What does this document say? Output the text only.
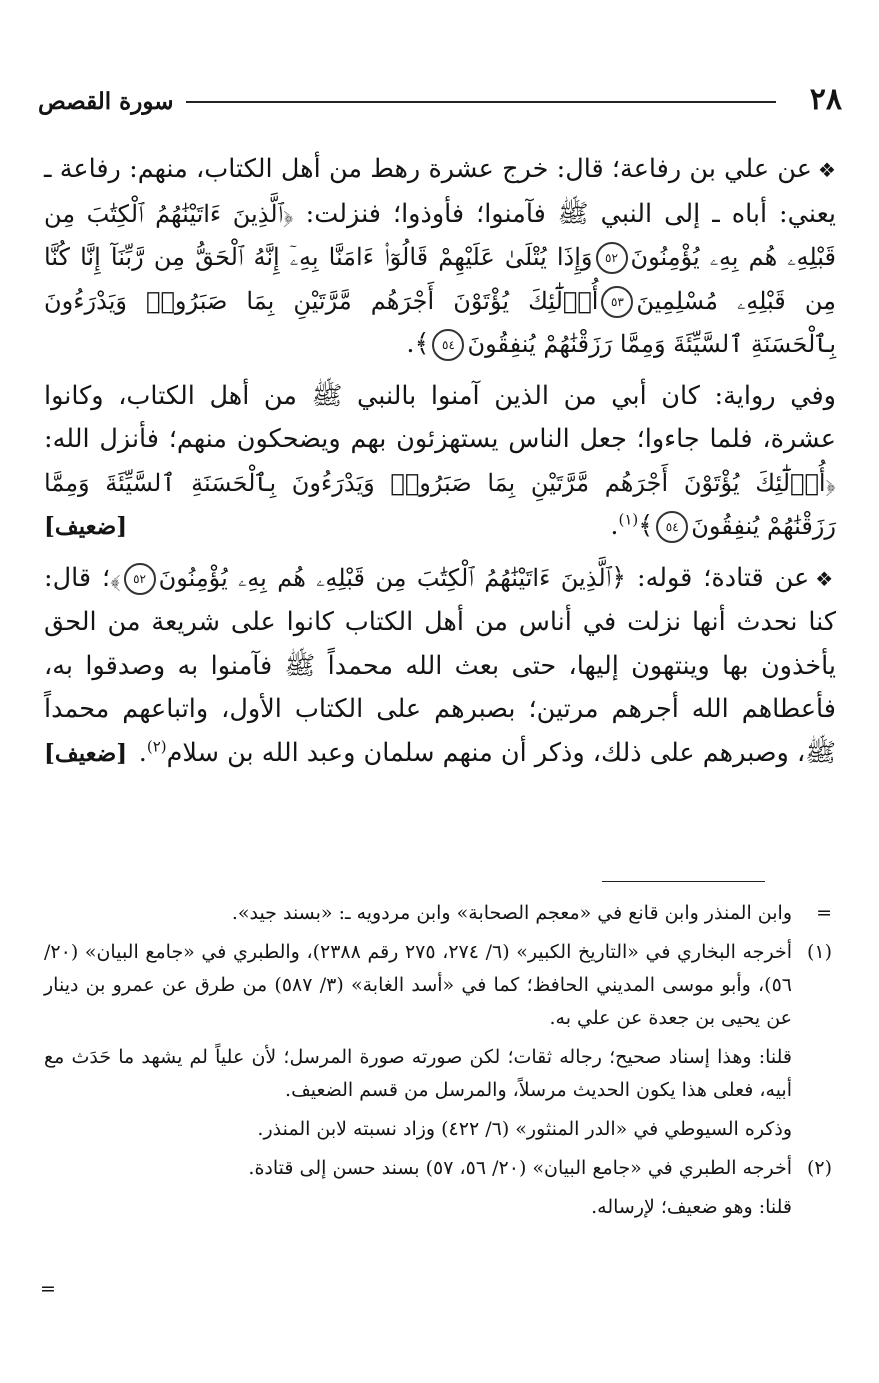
٢٨
سورة القصص

❖عن علي بن رفاعة؛ قال: خرج عشرة رهط من أهل الكتاب، منهم: رفاعة ـ يعني: أباه ـ إلى النبي ﷺ فآمنوا؛ فأوذوا؛ فنزلت: ﴿ٱلَّذِينَ ءَاتَيْنَٰهُمُ ٱلْكِتَٰبَ مِن قَبْلِهِۦ هُم بِهِۦ يُؤْمِنُونَ٥٢وَإِذَا يُتْلَىٰ عَلَيْهِمْ قَالُوٓا۟ ءَامَنَّا بِهِۦٓ إِنَّهُ ٱلْحَقُّ مِن رَّبِّنَآ إِنَّا كُنَّا مِن قَبْلِهِۦ مُسْلِمِينَ٥٣أُو۟لَٰٓئِكَ يُؤْتَوْنَ أَجْرَهُم مَّرَّتَيْنِ بِمَا صَبَرُوا۟ وَيَدْرَءُونَ بِٱلْحَسَنَةِ ٱلسَّيِّئَةَ وَمِمَّا رَزَقْنَٰهُمْ يُنفِقُونَ٥٤﴾.

وفي رواية: كان أبي من الذين آمنوا بالنبي ﷺ من أهل الكتاب، وكانوا عشرة، فلما جاءوا؛ جعل الناس يستهزئون بهم ويضحكون منهم؛ فأنزل الله: ﴿أُو۟لَٰٓئِكَ يُؤْتَوْنَ أَجْرَهُم مَّرَّتَيْنِ بِمَا صَبَرُوا۟ وَيَدْرَءُونَ بِٱلْحَسَنَةِ ٱلسَّيِّئَةَ وَمِمَّا رَزَقْنَٰهُمْ يُنفِقُونَ٥٤﴾$^{(١)}$.
[ضعيف]

❖عن قتادة؛ قوله: ﴿ٱلَّذِينَ ءَاتَيْنَٰهُمُ ٱلْكِتَٰبَ مِن قَبْلِهِۦ هُم بِهِۦ يُؤْمِنُونَ٥٢﴾؛ قال: كنا نحدث أنها نزلت في أناس من أهل الكتاب كانوا على شريعة من الحق يأخذون بها وينتهون إليها، حتى بعث الله محمداً ﷺ فآمنوا به وصدقوا به، فأعطاهم الله أجرهم مرتين؛ بصبرهم على الكتاب الأول، واتباعهم محمداً ﷺ، وصبرهم على ذلك، وذكر أن منهم سلمان وعبد الله بن سلام$^{(٢)}$.
[ضعيف]

=
وابن المنذر وابن قانع في «معجم الصحابة» وابن مردويه ـ: «بسند جيد».

(١)
أخرجه البخاري في «التاريخ الكبير» (٦/ ٢٧٤، ٢٧٥ رقم ٢٣٨٨)، والطبري في «جامع البيان» (٢٠/ ٥٦)، وأبو موسى المديني الحافظ؛ كما في «أسد الغابة» (٣/ ٥٨٧) من طرق عن عمرو بن دينار عن يحيى بن جعدة عن علي به.

قلنا: وهذا إسناد صحيح؛ رجاله ثقات؛ لكن صورته صورة المرسل؛ لأن علياً لم يشهد ما حَدَث مع أبيه، فعلى هذا يكون الحديث مرسلاً، والمرسل من قسم الضعيف.

وذكره السيوطي في «الدر المنثور» (٦/ ٤٢٢) وزاد نسبته لابن المنذر.

(٢)
أخرجه الطبري في «جامع البيان» (٢٠/ ٥٦، ٥٧) بسند حسن إلى قتادة.

قلنا: وهو ضعيف؛ لإرساله.

=
